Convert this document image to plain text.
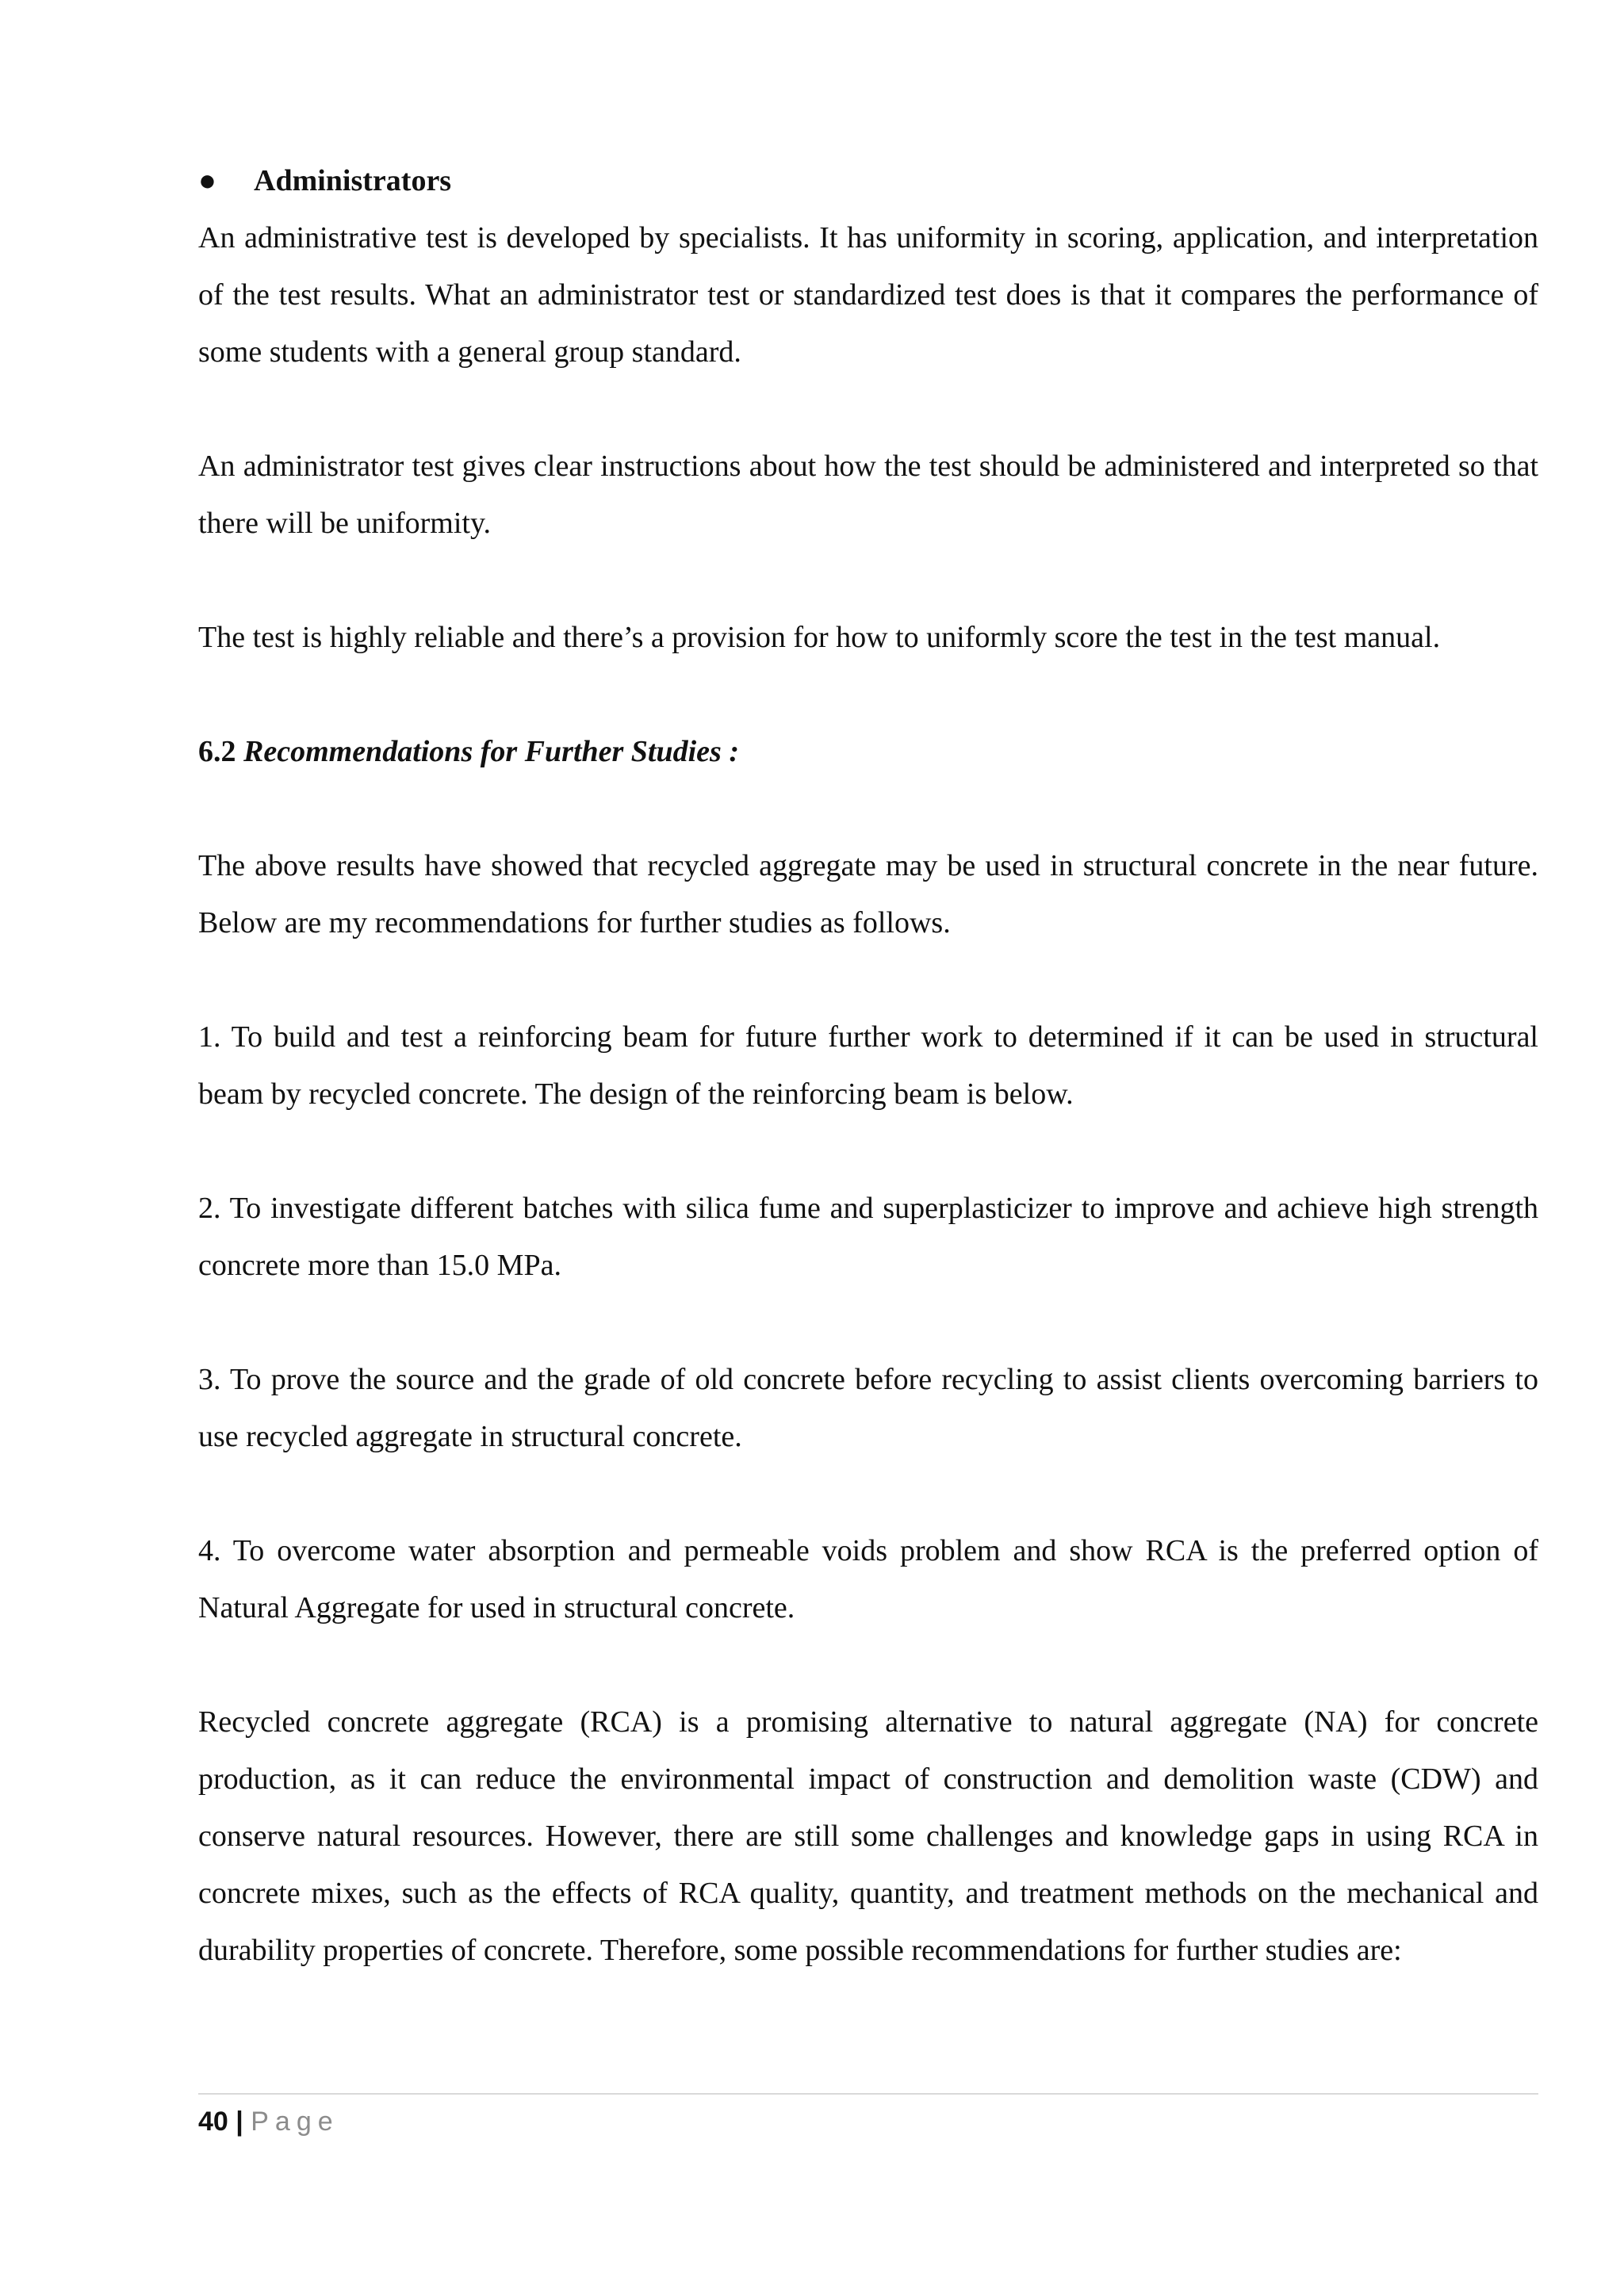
●	Administrators

An administrative test is developed by specialists. It has uniformity in scoring, application, and interpretation of the test results. What an administrator test or standardized test does is that it compares the performance of some students with a general group standard.

An administrator test gives clear instructions about how the test should be administered and interpreted so that there will be uniformity.

The test is highly reliable and there’s a provision for how to uniformly score the test in the test manual.

6.2 Recommendations for Further Studies :

The above results have showed that recycled aggregate may be used in structural concrete in the near future. Below are my recommendations for further studies as follows.

1. To build and test a reinforcing beam for future further work to determined if it can be used in structural beam by recycled concrete. The design of the reinforcing beam is below.

2. To investigate different batches with silica fume and superplasticizer to improve and achieve high strength concrete more than 15.0 MPa.

3. To prove the source and the grade of old concrete before recycling to assist clients overcoming barriers to use recycled aggregate in structural concrete.

4. To overcome water absorption and permeable voids problem and show RCA is the preferred option of Natural Aggregate for used in structural concrete.

Recycled concrete aggregate (RCA) is a promising alternative to natural aggregate (NA) for concrete production, as it can reduce the environmental impact of construction and demolition waste (CDW) and conserve natural resources. However, there are still some challenges and knowledge gaps in using RCA in concrete mixes, such as the effects of RCA quality, quantity, and treatment methods on the mechanical and durability properties of concrete. Therefore, some possible recommendations for further studies are:

40 | Page
